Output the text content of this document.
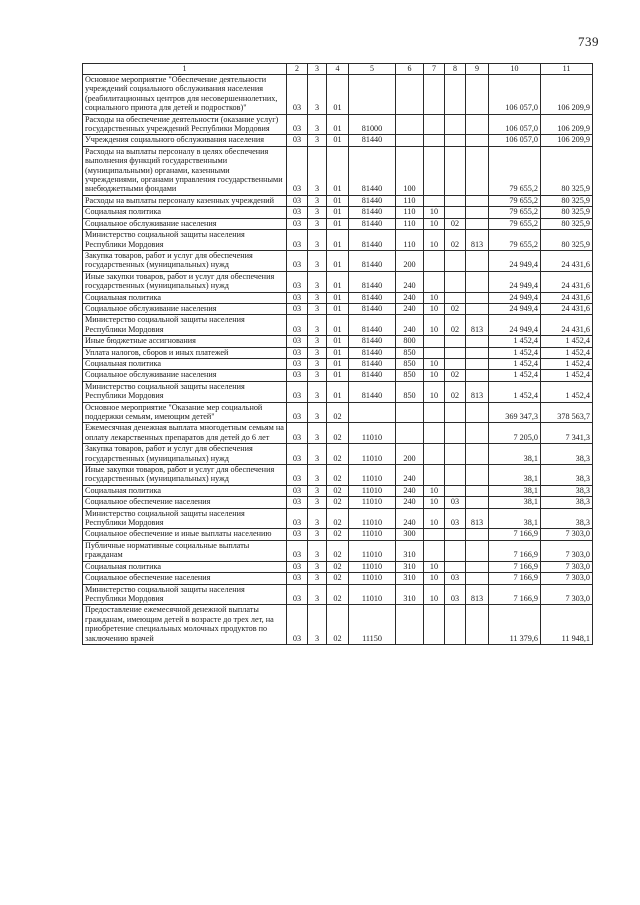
739
1	2	3	4	5	6	7	8	9	10	11
Основное мероприятие "Обеспечение деятельности учреждений социального обслуживания населения (реабилитационных центров для несовершеннолетних, социального приюта для детей и подростков)"	03	3	01						106 057,0	106 209,9
Расходы на обеспечение деятельности (оказание услуг) государственных учреждений Республики Мордовия	03	3	01	81000					106 057,0	106 209,9
Учреждения социального обслуживания населения	03	3	01	81440					106 057,0	106 209,9
Расходы на выплаты персоналу в целях обеспечения выполнения функций государственными (муниципальными) органами, казенными учреждениями, органами управления государственными внебюджетными фондами	03	3	01	81440	100				79 655,2	80 325,9
Расходы на выплаты персоналу казенных учреждений	03	3	01	81440	110				79 655,2	80 325,9
Социальная политика	03	3	01	81440	110	10			79 655,2	80 325,9
Социальное обслуживание населения	03	3	01	81440	110	10	02		79 655,2	80 325,9
Министерство социальной защиты населения Республики Мордовия	03	3	01	81440	110	10	02	813	79 655,2	80 325,9
Закупка товаров, работ и услуг для обеспечения государственных (муниципальных) нужд	03	3	01	81440	200				24 949,4	24 431,6
Иные закупки товаров, работ и услуг для обеспечения государственных (муниципальных) нужд	03	3	01	81440	240				24 949,4	24 431,6
Социальная политика	03	3	01	81440	240	10			24 949,4	24 431,6
Социальное обслуживание населения	03	3	01	81440	240	10	02		24 949,4	24 431,6
Министерство социальной защиты населения Республики Мордовия	03	3	01	81440	240	10	02	813	24 949,4	24 431,6
Иные бюджетные ассигнования	03	3	01	81440	800				1 452,4	1 452,4
Уплата налогов, сборов и иных платежей	03	3	01	81440	850				1 452,4	1 452,4
Социальная политика	03	3	01	81440	850	10			1 452,4	1 452,4
Социальное обслуживание населения	03	3	01	81440	850	10	02		1 452,4	1 452,4
Министерство социальной защиты населения Республики Мордовия	03	3	01	81440	850	10	02	813	1 452,4	1 452,4
Основное мероприятие "Оказание мер социальной поддержки семьям, имеющим детей"	03	3	02						369 347,3	378 563,7
Ежемесячная денежная выплата многодетным семьям на оплату лекарственных препаратов для детей до 6 лет	03	3	02	11010					7 205,0	7 341,3
Закупка товаров, работ и услуг для обеспечения государственных (муниципальных) нужд	03	3	02	11010	200				38,1	38,3
Иные закупки товаров, работ и услуг для обеспечения государственных (муниципальных) нужд	03	3	02	11010	240				38,1	38,3
Социальная политика	03	3	02	11010	240	10			38,1	38,3
Социальное обеспечение населения	03	3	02	11010	240	10	03		38,1	38,3
Министерство социальной защиты населения Республики Мордовия	03	3	02	11010	240	10	03	813	38,1	38,3
Социальное обеспечение и иные выплаты населению	03	3	02	11010	300				7 166,9	7 303,0
Публичные нормативные социальные выплаты гражданам	03	3	02	11010	310				7 166,9	7 303,0
Социальная политика	03	3	02	11010	310	10			7 166,9	7 303,0
Социальное обеспечение населения	03	3	02	11010	310	10	03		7 166,9	7 303,0
Министерство социальной защиты населения Республики Мордовия	03	3	02	11010	310	10	03	813	7 166,9	7 303,0
Предоставление ежемесячной денежной выплаты гражданам, имеющим детей в возрасте до трех лет, на приобретение специальных молочных продуктов по заключению врачей	03	3	02	11150					11 379,6	11 948,1
